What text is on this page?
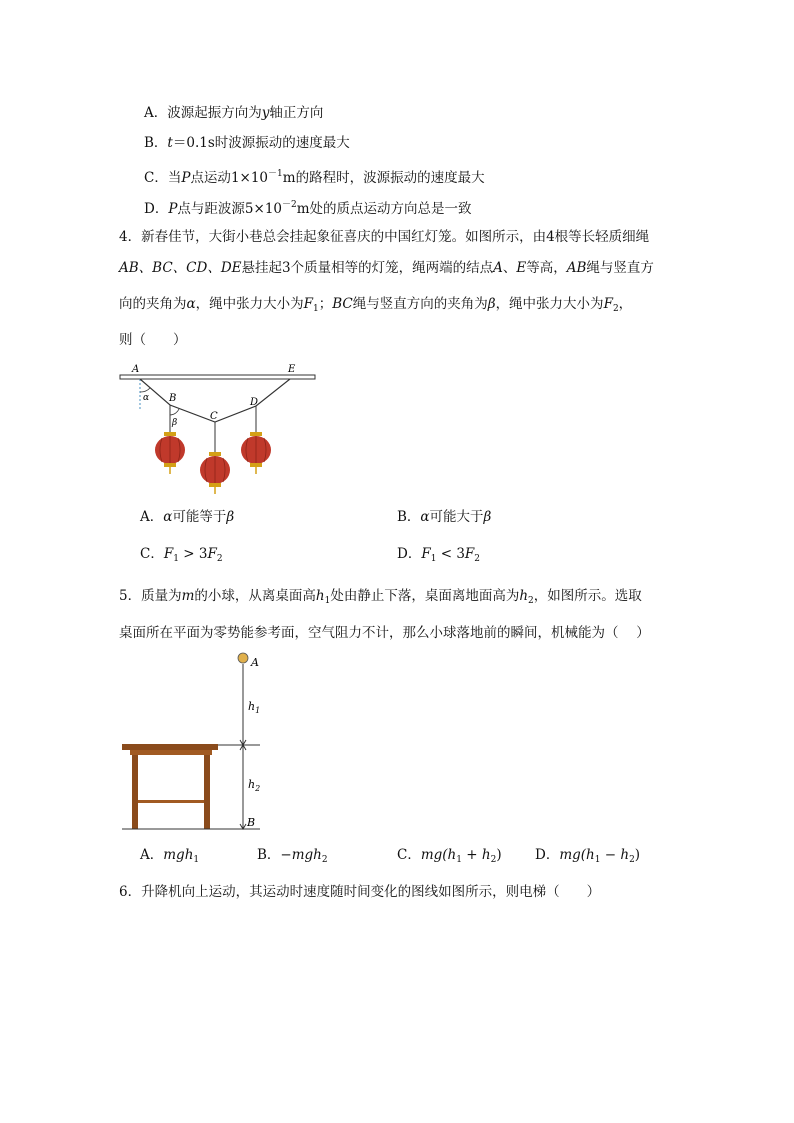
A．波源起振方向为y轴正方向
B．t＝0.1s时波源振动的速度最大
C．当P点运动$1\times 10^{-1}m$的路程时，波源振动的速度最大
D．P点与距波源$5\times 10^{-2}m$处的质点运动方向总是一致
4．新春佳节，大街小巷总会挂起象征喜庆的中国红灯笼。如图所示，由4根等长轻质细绳
AB、BC、CD、DE悬挂起3个质量相等的灯笼，绳两端的结点A、E等高，AB绳与竖直方
向的夹角为α，绳中张力大小为$F_1$；BC绳与竖直方向的夹角为β，绳中张力大小为$F_2$，
则（　　）
A	E
B
C
D
α
β
A．α可能等于β	B．α可能大于β
C．$F_1 > 3F_2$	D．$F_1 < 3F_2$
5．质量为m的小球，从离桌面高$h_1$处由静止下落，桌面离地面高为$h_2$，如图所示。选取
桌面所在平面为零势能参考面，空气阻力不计，那么小球落地前的瞬间，机械能为（　 ）
A
B
$h_1$
$h_2$
A．mgh$_1$	B．−mgh$_2$	C．$mg(h_1 + h_2)$ D．$mg(h_1 - h_2)$
6．升降机向上运动，其运动时速度随时间变化的图线如图所示，则电梯（　　）
